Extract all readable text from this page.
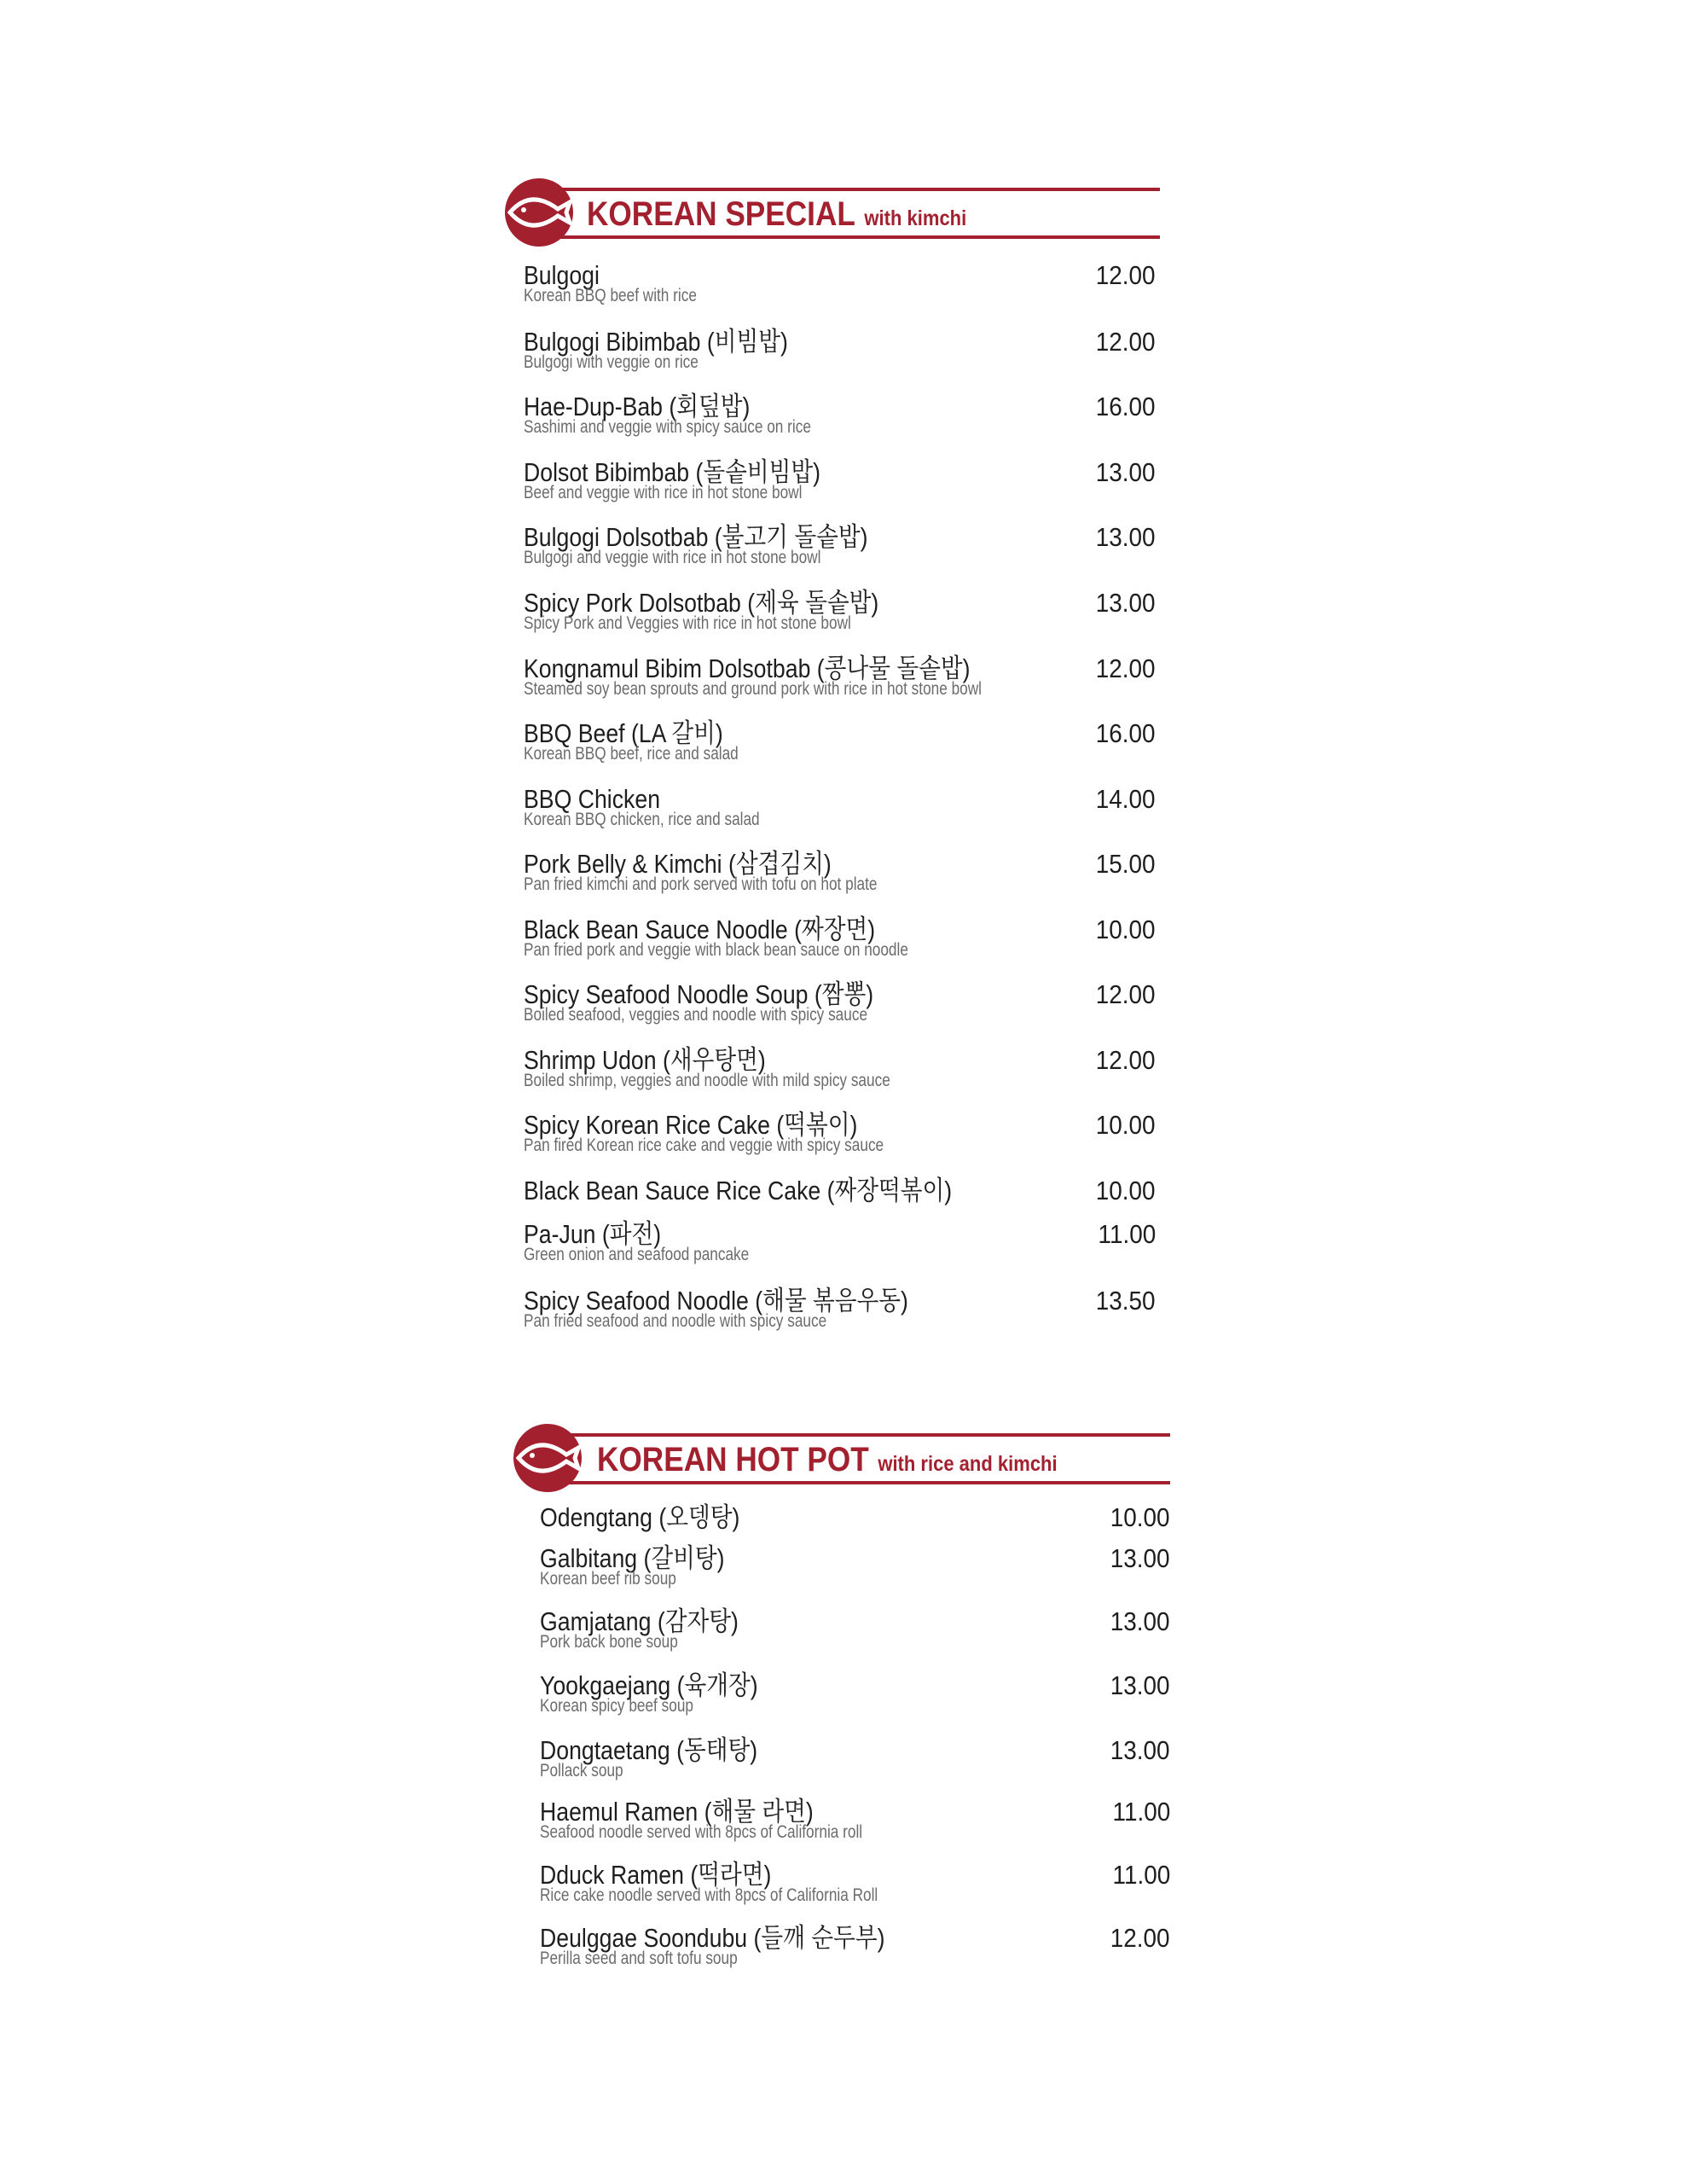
KOREAN SPECIAL with kimchi
Bulgogi
Korean BBQ beef with rice
12.00
Bulgogi Bibimbab (비빔밥)
Bulgogi with veggie on rice
12.00
Hae-Dup-Bab (회덮밥)
Sashimi and veggie with spicy sauce on rice
16.00
Dolsot Bibimbab (돌솥비빔밥)
Beef and veggie with rice in hot stone bowl
13.00
Bulgogi Dolsotbab (불고기 돌솥밥)
Bulgogi and veggie with rice in hot stone bowl
13.00
Spicy Pork Dolsotbab (제육 돌솥밥)
Spicy Pork and Veggies with rice in hot stone bowl
13.00
Kongnamul Bibim Dolsotbab (콩나물 돌솥밥)
Steamed soy bean sprouts and ground pork with rice in hot stone bowl
12.00
BBQ Beef (LA 갈비)
Korean BBQ beef, rice and salad
16.00
BBQ Chicken
Korean BBQ chicken, rice and salad
14.00
Pork Belly & Kimchi (삼겹김치)
Pan fried kimchi and pork served with tofu on hot plate
15.00
Black Bean Sauce Noodle (짜장면)
Pan fried pork and veggie with black bean sauce on noodle
10.00
Spicy Seafood Noodle Soup (짬뽕)
Boiled seafood, veggies and noodle with spicy sauce
12.00
Shrimp Udon (새우탕면)
Boiled shrimp, veggies and noodle with mild spicy sauce
12.00
Spicy Korean Rice Cake (떡볶이)
Pan fired Korean rice cake and veggie with spicy sauce
10.00
Black Bean Sauce Rice Cake (짜장떡볶이)	10.00
Pa-Jun (파전)
Green onion and seafood pancake
11.00
Spicy Seafood Noodle (해물 볶음우동)
Pan fried seafood and noodle with spicy sauce
13.50
KOREAN HOT POT with rice and kimchi
Odengtang (오뎅탕)	10.00
Galbitang (갈비탕)
Korean beef rib soup
13.00
Gamjatang (감자탕)
Pork back bone soup
13.00
Yookgaejang (육개장)
Korean spicy beef soup
13.00
Dongtaetang (동태탕)
Pollack soup
13.00
Haemul Ramen (해물 라면)
Seafood noodle served with 8pcs of California roll
11.00
Dduck Ramen (떡라면)
Rice cake noodle served with 8pcs of California Roll
11.00
Deulggae Soondubu (들깨 순두부)
Perilla seed and soft tofu soup
12.00
